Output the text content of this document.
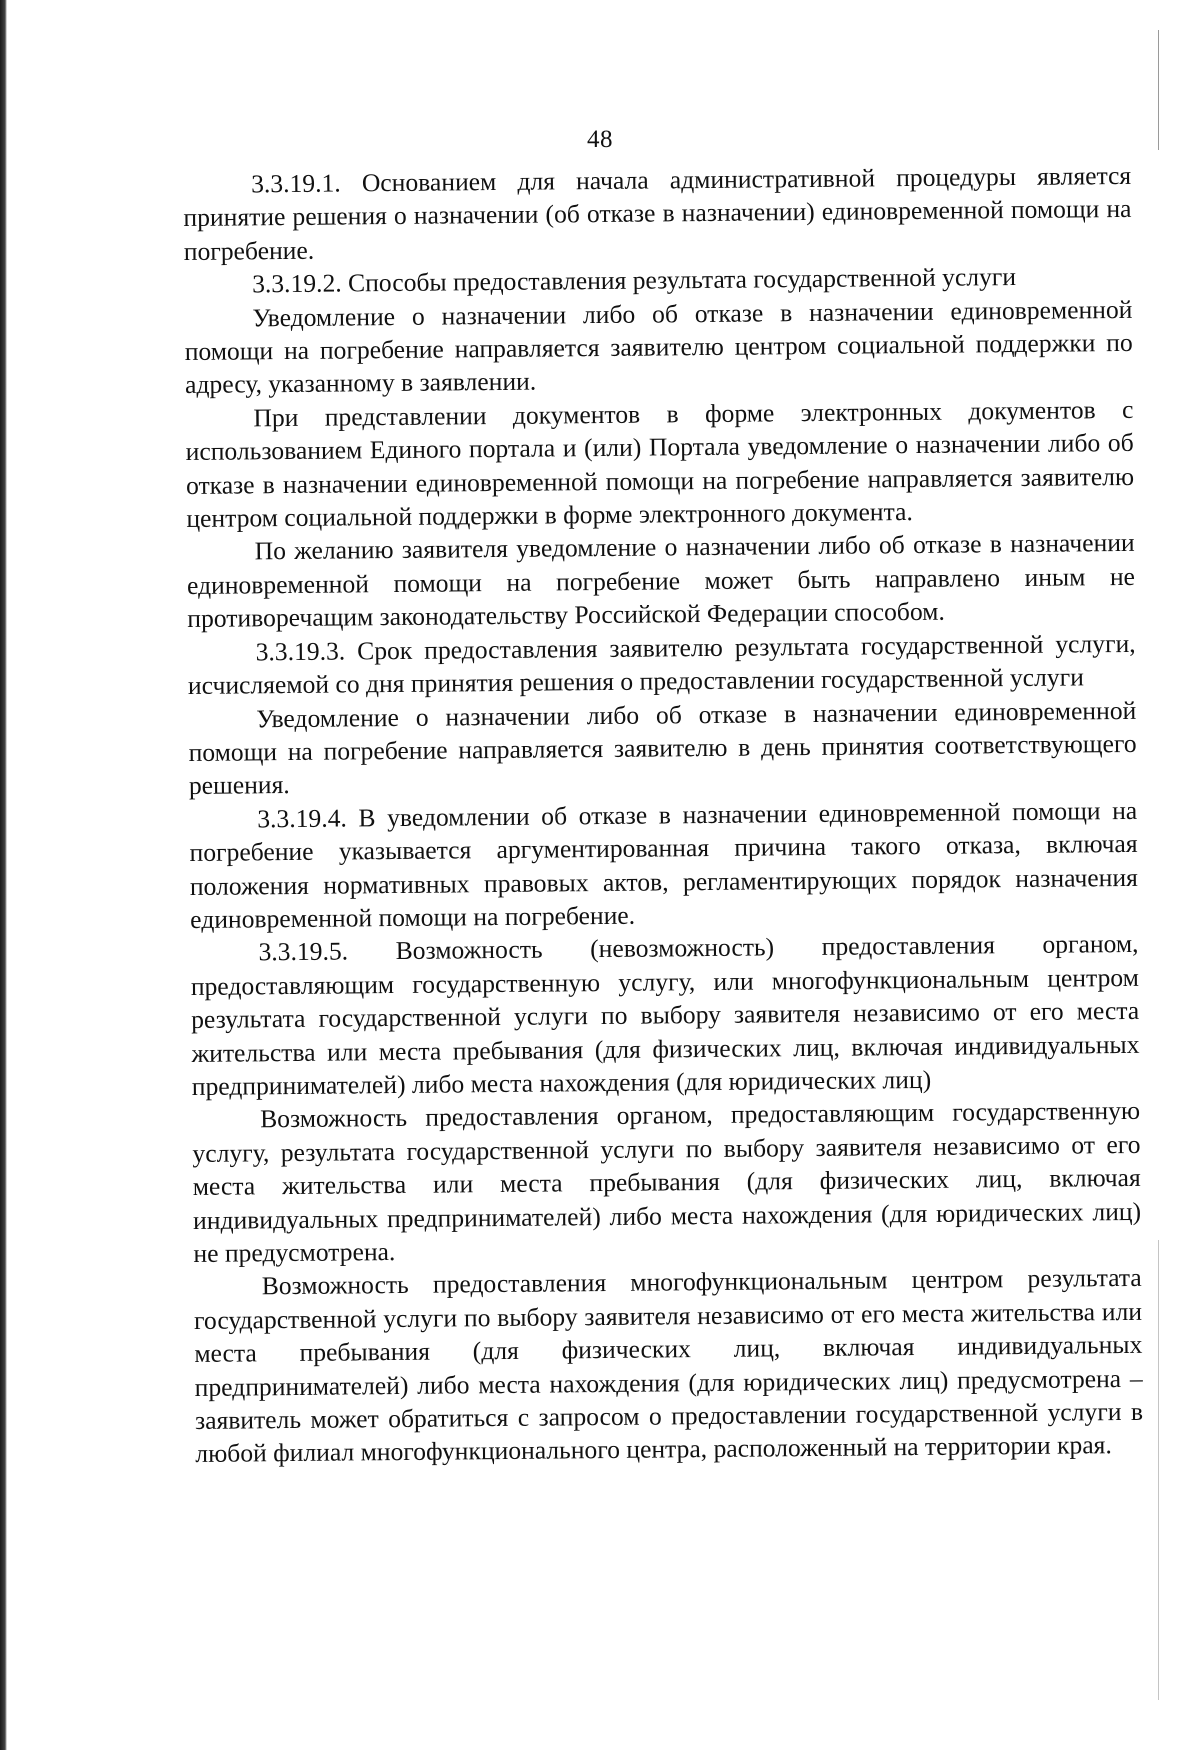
48

3.3.19.1. Основанием для начала административной процедуры является принятие решения о назначении (об отказе в назначении) единовременной помощи на погребение.

3.3.19.2. Способы предоставления результата государственной услуги

Уведомление о назначении либо об отказе в назначении единовременной помощи на погребение направляется заявителю центром социальной поддержки по адресу, указанному в заявлении.

При представлении документов в форме электронных документов с использованием Единого портала и (или) Портала уведомление о назначении либо об отказе в назначении единовременной помощи на погребение направляется заявителю центром социальной поддержки в форме электронного документа.

По желанию заявителя уведомление о назначении либо об отказе в назначении единовременной помощи на погребение может быть направлено иным не противоречащим законодательству Российской Федерации способом.

3.3.19.3. Срок предоставления заявителю результата государственной услуги, исчисляемой со дня принятия решения о предоставлении государственной услуги

Уведомление о назначении либо об отказе в назначении единовременной помощи на погребение направляется заявителю в день принятия соответствующего решения.

3.3.19.4. В уведомлении об отказе в назначении единовременной помощи на погребение указывается аргументированная причина такого отказа, включая положения нормативных правовых актов, регламентирующих порядок назначения единовременной помощи на погребение.

3.3.19.5. Возможность (невозможность) предоставления органом, предоставляющим государственную услугу, или многофункциональным центром результата государственной услуги по выбору заявителя независимо от его места жительства или места пребывания (для физических лиц, включая индивидуальных предпринимателей) либо места нахождения (для юридических лиц)

Возможность предоставления органом, предоставляющим государственную услугу, результата государственной услуги по выбору заявителя независимо от его места жительства или места пребывания (для физических лиц, включая индивидуальных предпринимателей) либо места нахождения (для юридических лиц) не предусмотрена.

Возможность предоставления многофункциональным центром результата государственной услуги по выбору заявителя независимо от его места жительства или места пребывания (для физических лиц, включая индивидуальных предпринимателей) либо места нахождения (для юридических лиц) предусмотрена – заявитель может обратиться с запросом о предоставлении государственной услуги в любой филиал многофункционального центра, расположенный на территории края.
